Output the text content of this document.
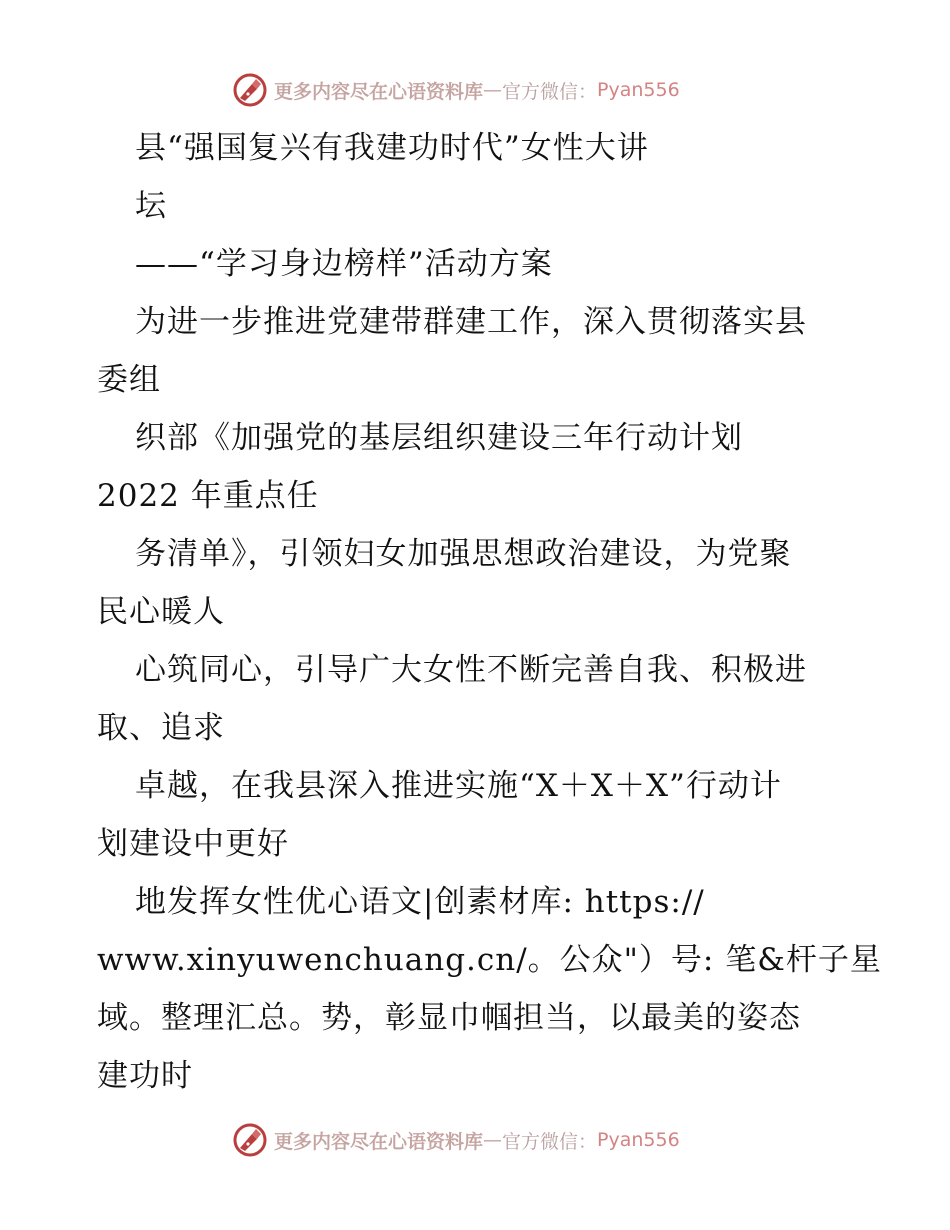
更多内容尽在心语资料库 — 官方微信： Pyan556
县“强国复兴有我建功时代”女性大讲
坛
——“学习身边榜样”活动方案
为进一步推进党建带群建工作，深入贯彻落实县
委组
织部《加强党的基层组织建设三年行动计划
2022 年重点任
务清单》，引领妇女加强思想政治建设，为党聚
民心暖人
心筑同心，引导广大女性不断完善自我、积极进
取、追求
卓越，在我县深入推进实施“X＋X＋X”行动计
划建设中更好
地发挥女性优心语文|创素材库: https://
www.xinyuwenchuang.cn/。公众"）号: 笔&杆子星
域。整理汇总。势，彰显巾帼担当，以最美的姿态
建功时
更多内容尽在心语资料库 — 官方微信： Pyan556
